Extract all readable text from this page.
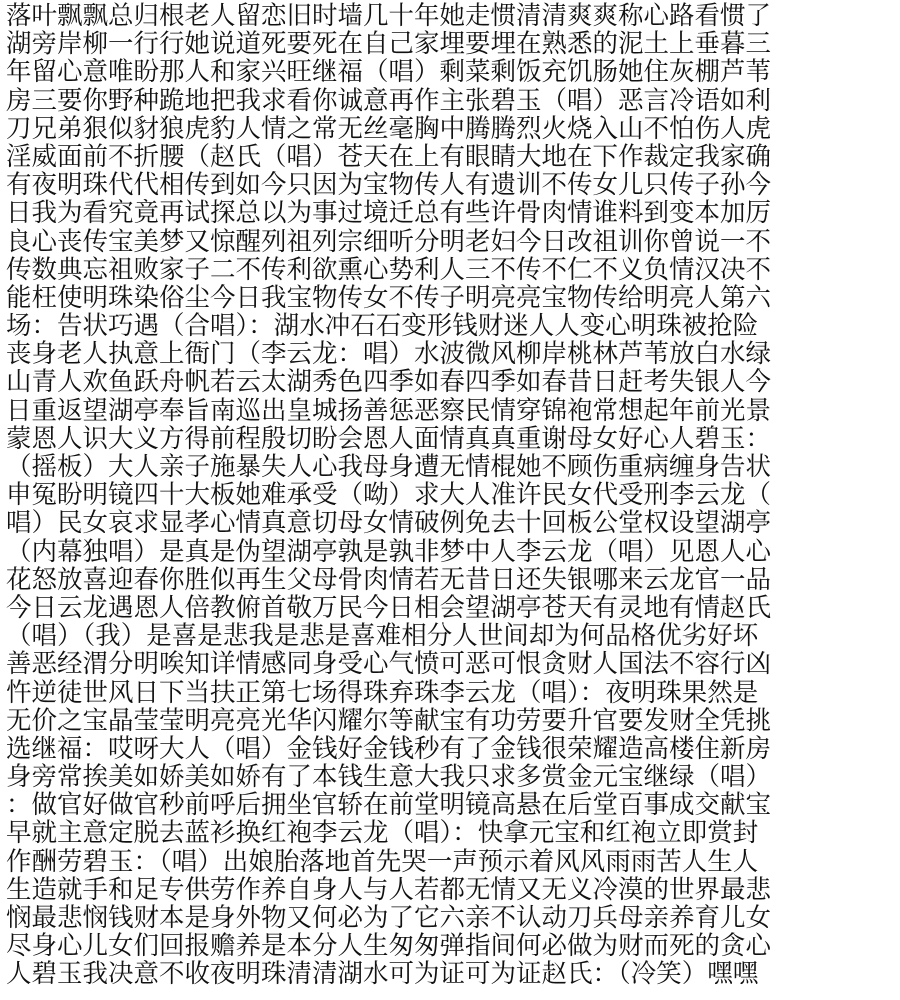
落叶飘飘总归根老人留恋旧时墙几十年她走惯清清爽爽称心路看惯了
湖旁岸柳一行行她说道死要死在自己家埋要埋在熟悉的泥土上垂暮三
年留心意唯盼那人和家兴旺继福（唱）剩菜剩饭充饥肠她住灰棚芦苇
房三要你野种跪地把我求看你诚意再作主张碧玉（唱）恶言冷语如利
刀兄弟狠似豺狼虎豹人情之常无丝毫胸中腾腾烈火烧入山不怕伤人虎
淫威面前不折腰（赵氏（唱）苍天在上有眼睛大地在下作裁定我家确
有夜明珠代代相传到如今只因为宝物传人有遗训不传女儿只传子孙今
日我为看究竟再试探总以为事过境迁总有些许骨肉情谁料到变本加厉
良心丧传宝美梦又惊醒列祖列宗细听分明老妇今日改祖训你曾说一不
传数典忘祖败家子二不传利欲熏心势利人三不传不仁不义负情汉决不
能枉使明珠染俗尘今日我宝物传女不传子明亮亮宝物传给明亮人第六
场：告状巧遇（合唱）：湖水冲石石变形钱财迷人人变心明珠被抢险
丧身老人执意上衙门（李云龙：唱）水波微风柳岸桃林芦苇放白水绿
山青人欢鱼跃舟帆若云太湖秀色四季如春四季如春昔日赶考失银人今
日重返望湖亭奉旨南巡出皇城扬善惩恶察民情穿锦袍常想起年前光景
蒙恩人识大义方得前程殷切盼会恩人面情真真重谢母女好心人碧玉：
（摇板）大人亲子施暴失人心我母身遭无情棍她不顾伤重病缠身告状
申冤盼明镜四十大板她难承受（呦）求大人准许民女代受刑李云龙（
唱）民女哀求显孝心情真意切母女情破例免去十回板公堂权设望湖亭
（内幕独唱）是真是伪望湖亭孰是孰非梦中人李云龙（唱）见恩人心
花怒放喜迎春你胜似再生父母骨肉情若无昔日还失银哪来云龙官一品
今日云龙遇恩人倍教俯首敬万民今日相会望湖亭苍天有灵地有情赵氏
（唱）（我）是喜是悲我是悲是喜难相分人世间却为何品格优劣好坏
善恶经渭分明唉知详情感同身受心气愤可恶可恨贪财人国法不容行凶
忤逆徒世风日下当扶正第七场得珠弃珠李云龙（唱）：夜明珠果然是
无价之宝晶莹莹明亮亮光华闪耀尔等献宝有功劳要升官要发财全凭挑
选继福：哎呀大人（唱）金钱好金钱秒有了金钱很荣耀造高楼住新房
身旁常挨美如娇美如娇有了本钱生意大我只求多赏金元宝继绿（唱）
：做官好做官秒前呼后拥坐官轿在前堂明镜高悬在后堂百事成交献宝
早就主意定脱去蓝衫换红袍李云龙（唱）：快拿元宝和红袍立即赏封
作酬劳碧玉：（唱）出娘胎落地首先哭一声预示着风风雨雨苦人生人
生造就手和足专供劳作养自身人与人若都无情又无义冷漠的世界最悲
悯最悲悯钱财本是身外物又何必为了它六亲不认动刀兵母亲养育儿女
尽身心儿女们回报赡养是本分人生匆匆弹指间何必做为财而死的贪心
人碧玉我决意不收夜明珠清清湖水可为证可为证赵氏：（冷笑）嘿嘿
